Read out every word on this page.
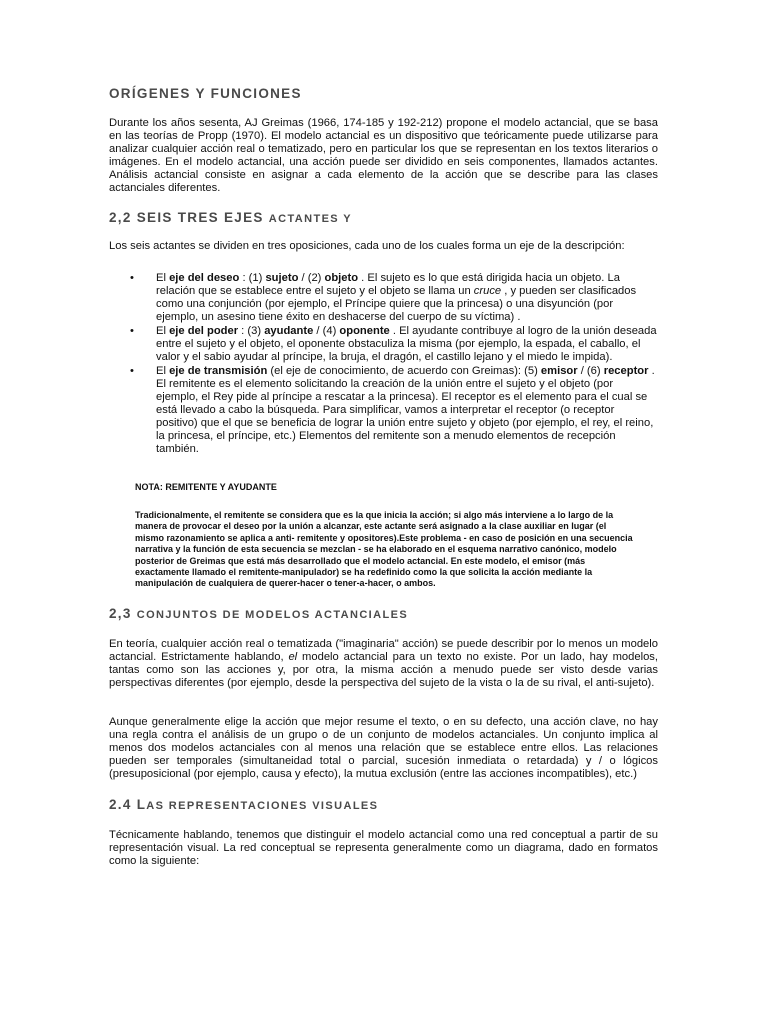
ORÍGENES Y FUNCIONES

Durante los años sesenta, AJ Greimas (1966, 174-185 y 192-212) propone el modelo actancial, que se basa en las teorías de Propp (1970). El modelo actancial es un dispositivo que teóricamente puede utilizarse para analizar cualquier acción real o tematizado, pero en particular los que se representan en los textos literarios o imágenes. En el modelo actancial, una acción puede ser dividido en seis componentes, llamados actantes. Análisis actancial consiste en asignar a cada elemento de la acción que se describe para las clases actanciales diferentes.

2,2 SEIS TRES EJES ACTANTES Y

Los seis actantes se dividen en tres oposiciones, cada uno de los cuales forma un eje de la descripción:

• El eje del deseo : (1) sujeto / (2) objeto . El sujeto es lo que está dirigida hacia un objeto. La relación que se establece entre el sujeto y el objeto se llama un cruce , y pueden ser clasificados como una conjunción (por ejemplo, el Príncipe quiere que la princesa) o una disyunción (por ejemplo, un asesino tiene éxito en deshacerse del cuerpo de su víctima) .
• El eje del poder : (3) ayudante / (4) oponente . El ayudante contribuye al logro de la unión deseada entre el sujeto y el objeto, el oponente obstaculiza la misma (por ejemplo, la espada, el caballo, el valor y el sabio ayudar al príncipe, la bruja, el dragón, el castillo lejano y el miedo le impida).
• El eje de transmisión (el eje de conocimiento, de acuerdo con Greimas): (5) emisor / (6) receptor . El remitente es el elemento solicitando la creación de la unión entre el sujeto y el objeto (por ejemplo, el Rey pide al príncipe a rescatar a la princesa). El receptor es el elemento para el cual se está llevado a cabo la búsqueda. Para simplificar, vamos a interpretar el receptor (o receptor positivo) que el que se beneficia de lograr la unión entre sujeto y objeto (por ejemplo, el rey, el reino, la princesa, el príncipe, etc.) Elementos del remitente son a menudo elementos de recepción también.

NOTA: REMITENTE Y AYUDANTE

Tradicionalmente, el remitente se considera que es la que inicia la acción; si algo más interviene a lo largo de la manera de provocar el deseo por la unión a alcanzar, este actante será asignado a la clase auxiliar en lugar (el mismo razonamiento se aplica a anti- remitente y opositores).Este problema - en caso de posición en una secuencia narrativa y la función de esta secuencia se mezclan - se ha elaborado en el esquema narrativo canónico, modelo posterior de Greimas que está más desarrollado que el modelo actancial. En este modelo, el emisor (más exactamente llamado el remitente-manipulador) se ha redefinido como la que solicita la acción mediante la manipulación de cualquiera de querer-hacer o tener-a-hacer, o ambos.

2,3 CONJUNTOS DE MODELOS ACTANCIALES

En teoría, cualquier acción real o tematizada ("imaginaria" acción) se puede describir por lo menos un modelo actancial. Estrictamente hablando, el modelo actancial para un texto no existe. Por un lado, hay modelos, tantas como son las acciones y, por otra, la misma acción a menudo puede ser visto desde varias perspectivas diferentes (por ejemplo, desde la perspectiva del sujeto de la vista o la de su rival, el anti-sujeto).

Aunque generalmente elige la acción que mejor resume el texto, o en su defecto, una acción clave, no hay una regla contra el análisis de un grupo o de un conjunto de modelos actanciales. Un conjunto implica al menos dos modelos actanciales con al menos una relación que se establece entre ellos. Las relaciones pueden ser temporales (simultaneidad total o parcial, sucesión inmediata o retardada) y / o lógicos (presuposicional (por ejemplo, causa y efecto), la mutua exclusión (entre las acciones incompatibles), etc.)

2.4 LAS REPRESENTACIONES VISUALES

Técnicamente hablando, tenemos que distinguir el modelo actancial como una red conceptual a partir de su representación visual. La red conceptual se representa generalmente como un diagrama, dado en formatos como la siguiente:
